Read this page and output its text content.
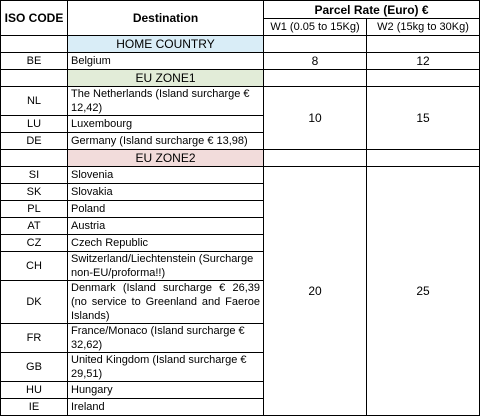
ISO CODE	Destination	Parcel Rate (Euro) €	
		W1 (0.05 to 15Kg)	W2 (15kg to 30Kg)
	HOME COUNTRY		
BE	Belgium	8	12
	EU ZONE1		
NL	The Netherlands (Island surcharge € 12,42)	10	15
LU	Luxembourg		
DE	Germany (Island surcharge € 13,98)		
	EU ZONE2		
SI	Slovenia	20	25
SK	Slovakia		
PL	Poland		
AT	Austria		
CZ	Czech Republic		
CH	Switzerland/Liechtenstein (Surcharge non-EU/proforma!!)		
DK	Denmark (Island surcharge € 26,39 (no service to Greenland and Faeroe Islands)		
FR	France/Monaco (Island surcharge € 32,62)		
GB	United Kingdom (Island surcharge € 29,51)		
HU	Hungary		
IE	Ireland		
